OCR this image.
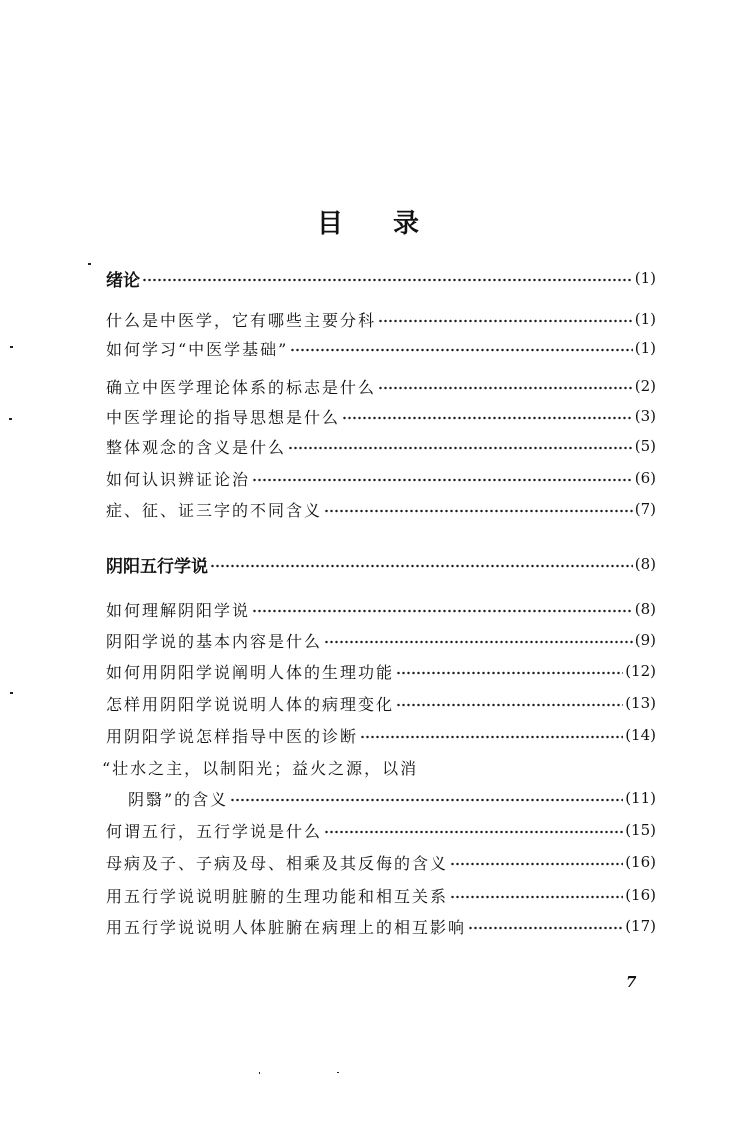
目 录
绪论	(1)
什么是中医学，它有哪些主要分科	(1)
如何学习“中医学基础”	(1)
确立中医学理论体系的标志是什么	(2)
中医学理论的指导思想是什么	(3)
整体观念的含义是什么	(5)
如何认识辨证论治	(6)
症、征、证三字的不同含义	(7)
阴阳五行学说	(8)
如何理解阴阳学说	(8)
阴阳学说的基本内容是什么	(9)
如何用阴阳学说阐明人体的生理功能	(12)
怎样用阴阳学说说明人体的病理变化	(13)
用阴阳学说怎样指导中医的诊断	(14)
“壮水之主，以制阳光；益火之源，以消
阴翳”的含义	(11)
何谓五行，五行学说是什么	(15)
母病及子、子病及母、相乘及其反侮的含义	(16)
用五行学说说明脏腑的生理功能和相互关系	(16)
用五行学说说明人体脏腑在病理上的相互影响	(17)
7
